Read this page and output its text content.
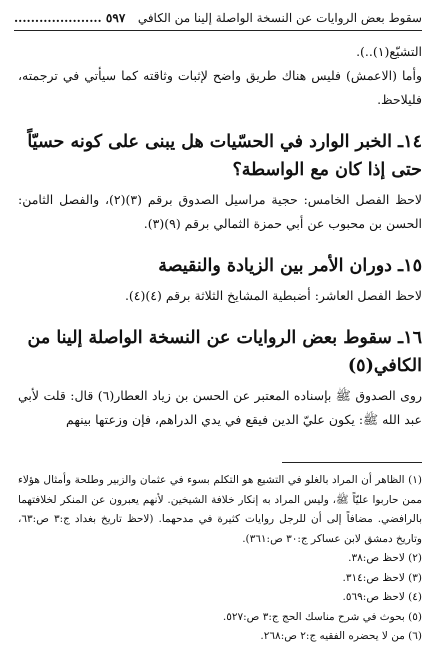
سقوط بعض الروايات عن النسخة الواصلة إلينا من الكافي
٥٩٧ .....................

التشيّع(١)..).

وأما (الاعمش) فليس هناك طريق واضح لإثبات وثاقته كما سيأتي في ترجمته، فليلاحظ.

١٤ـ الخبر الوارد في الحسّيات هل يبنى على كونه حسيّاً حتى إذا كان مع الواسطة؟

لاحظ الفصل الخامس: حجية مراسيل الصدوق برقم (٣)(٢)، والفصل الثامن: الحسن بن محبوب عن أبي حمزة الثمالي برقم (٩)(٣).

١٥ـ دوران الأمر بين الزيادة والنقيصة

لاحظ الفصل العاشر: أضبطية المشايخ الثلاثة برقم (٤)(٤).

١٦ـ سقوط بعض الروايات عن النسخة الواصلة إلينا من الكافي(٥)

روى الصدوق ﷺ بإسناده المعتبر عن الحسن بن زياد العطار(٦) قال: قلت لأبي عبد الله ﷺ: يكون عليّ الدين فيقع في يدي الدراهم، فإن وزعتها بينهم

(١) الظاهر أن المراد بالغلو في التشيع هو التكلم بسوء في عثمان والزبير وطلحة وأمثال هؤلاء ممن حاربوا عليّاً ﷺ، وليس المراد به إنكار خلافة الشيخين. لأنهم يعبرون عن المنكر لخلافتهما بالرافضي. مضافاً إلى أن للرجل روايات كثيرة في مدحهما. (لاحظ تاريخ بغداد ج:٣ ص:٦٣، وتاريخ دمشق لابن عساكر ج:٣٠ ص:٣٦١).

(٢) لاحظ ص:٣٨.

(٣) لاحظ ص:٣١٤.

(٤) لاحظ ص:٥٦٩.

(٥) بحوث في شرح مناسك الحج ج:٣ ص:٥٢٧.

(٦) من لا يحضره الفقيه ج:٢ ص:٢٦٨.
